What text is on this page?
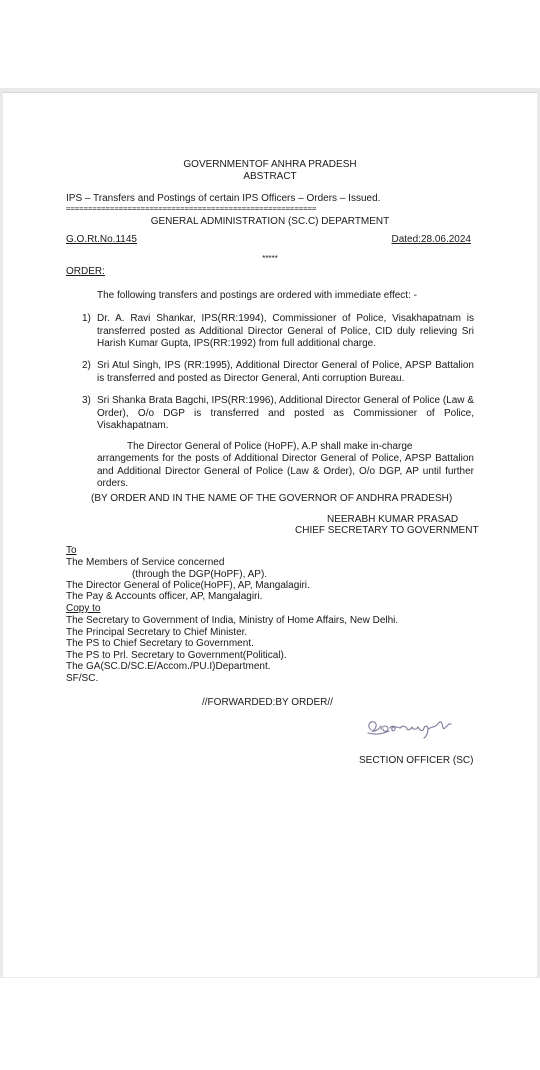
GOVERNMENTOF ANHRA PRADESH
ABSTRACT
IPS – Transfers and Postings of certain IPS Officers – Orders – Issued.
=========================================================
GENERAL ADMINISTRATION (SC.C) DEPARTMENT
G.O.Rt.No.1145	Dated:28.06.2024
*****
ORDER:
The following transfers and postings are ordered with immediate effect: -
1) Dr. A. Ravi Shankar, IPS(RR:1994), Commissioner of Police, Visakhapatnam is transferred posted as Additional Director General of Police, CID duly relieving Sri Harish Kumar Gupta, IPS(RR:1992) from full additional charge.
2) Sri Atul Singh, IPS (RR:1995), Additional Director General of Police, APSP Battalion is transferred and posted as Director General, Anti corruption Bureau.
3) Sri Shanka Brata Bagchi, IPS(RR:1996), Additional Director General of Police (Law & Order), O/o DGP is transferred and posted as Commissioner of Police, Visakhapatnam.
The Director General of Police (HoPF), A.P shall make in-charge
arrangements for the posts of Additional Director General of Police, APSP Battalion and Additional Director General of Police (Law & Order), O/o DGP, AP until further orders.
(BY ORDER AND IN THE NAME OF THE GOVERNOR OF ANDHRA PRADESH)
NEERABH KUMAR PRASAD
CHIEF SECRETARY TO GOVERNMENT
To
The Members of Service concerned
(through the DGP(HoPF), AP).
The Director General of Police(HoPF), AP, Mangalagiri.
The Pay & Accounts officer, AP, Mangalagiri.
Copy to
The Secretary to Government of India, Ministry of Home Affairs, New Delhi.
The Principal Secretary to Chief Minister.
The PS to Chief Secretary to Government.
The PS to Prl. Secretary to Government(Political).
The GA(SC.D/SC.E/Accom./PU.I)Department.
SF/SC.
//FORWARDED:BY ORDER//
SECTION OFFICER (SC)
